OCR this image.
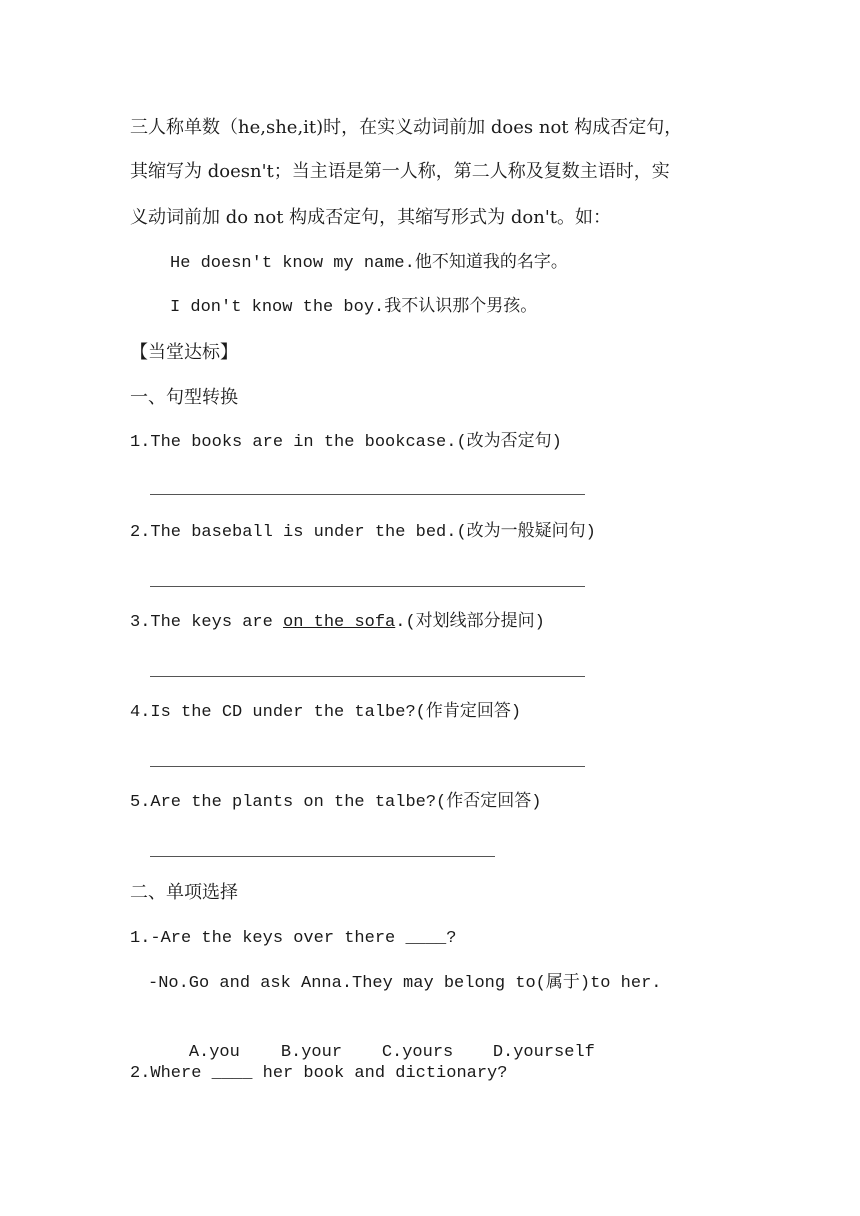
三人称单数（he,she,it)时，在实义动词前加 does not 构成否定句，
其缩写为 doesn't；当主语是第一人称，第二人称及复数主语时，实
义动词前加 do not 构成否定句，其缩写形式为 don't。如：
He doesn't know my name.他不知道我的名字。
I don't know the boy.我不认识那个男孩。
【当堂达标】
一、句型转换
1.The books are in the bookcase.(改为否定句)
2.The baseball is under the bed.(改为一般疑问句)
3.The keys are on the sofa.(对划线部分提问)
4.Is the CD under the talbe?(作肯定回答)
5.Are the plants on the talbe?(作否定回答)
二、单项选择
1.-Are the keys over there ____?
-No.Go and ask Anna.They may belong to(属于)to her.

A.you B.your C.yours D.yourself

2.Where ____ her book and dictionary?
